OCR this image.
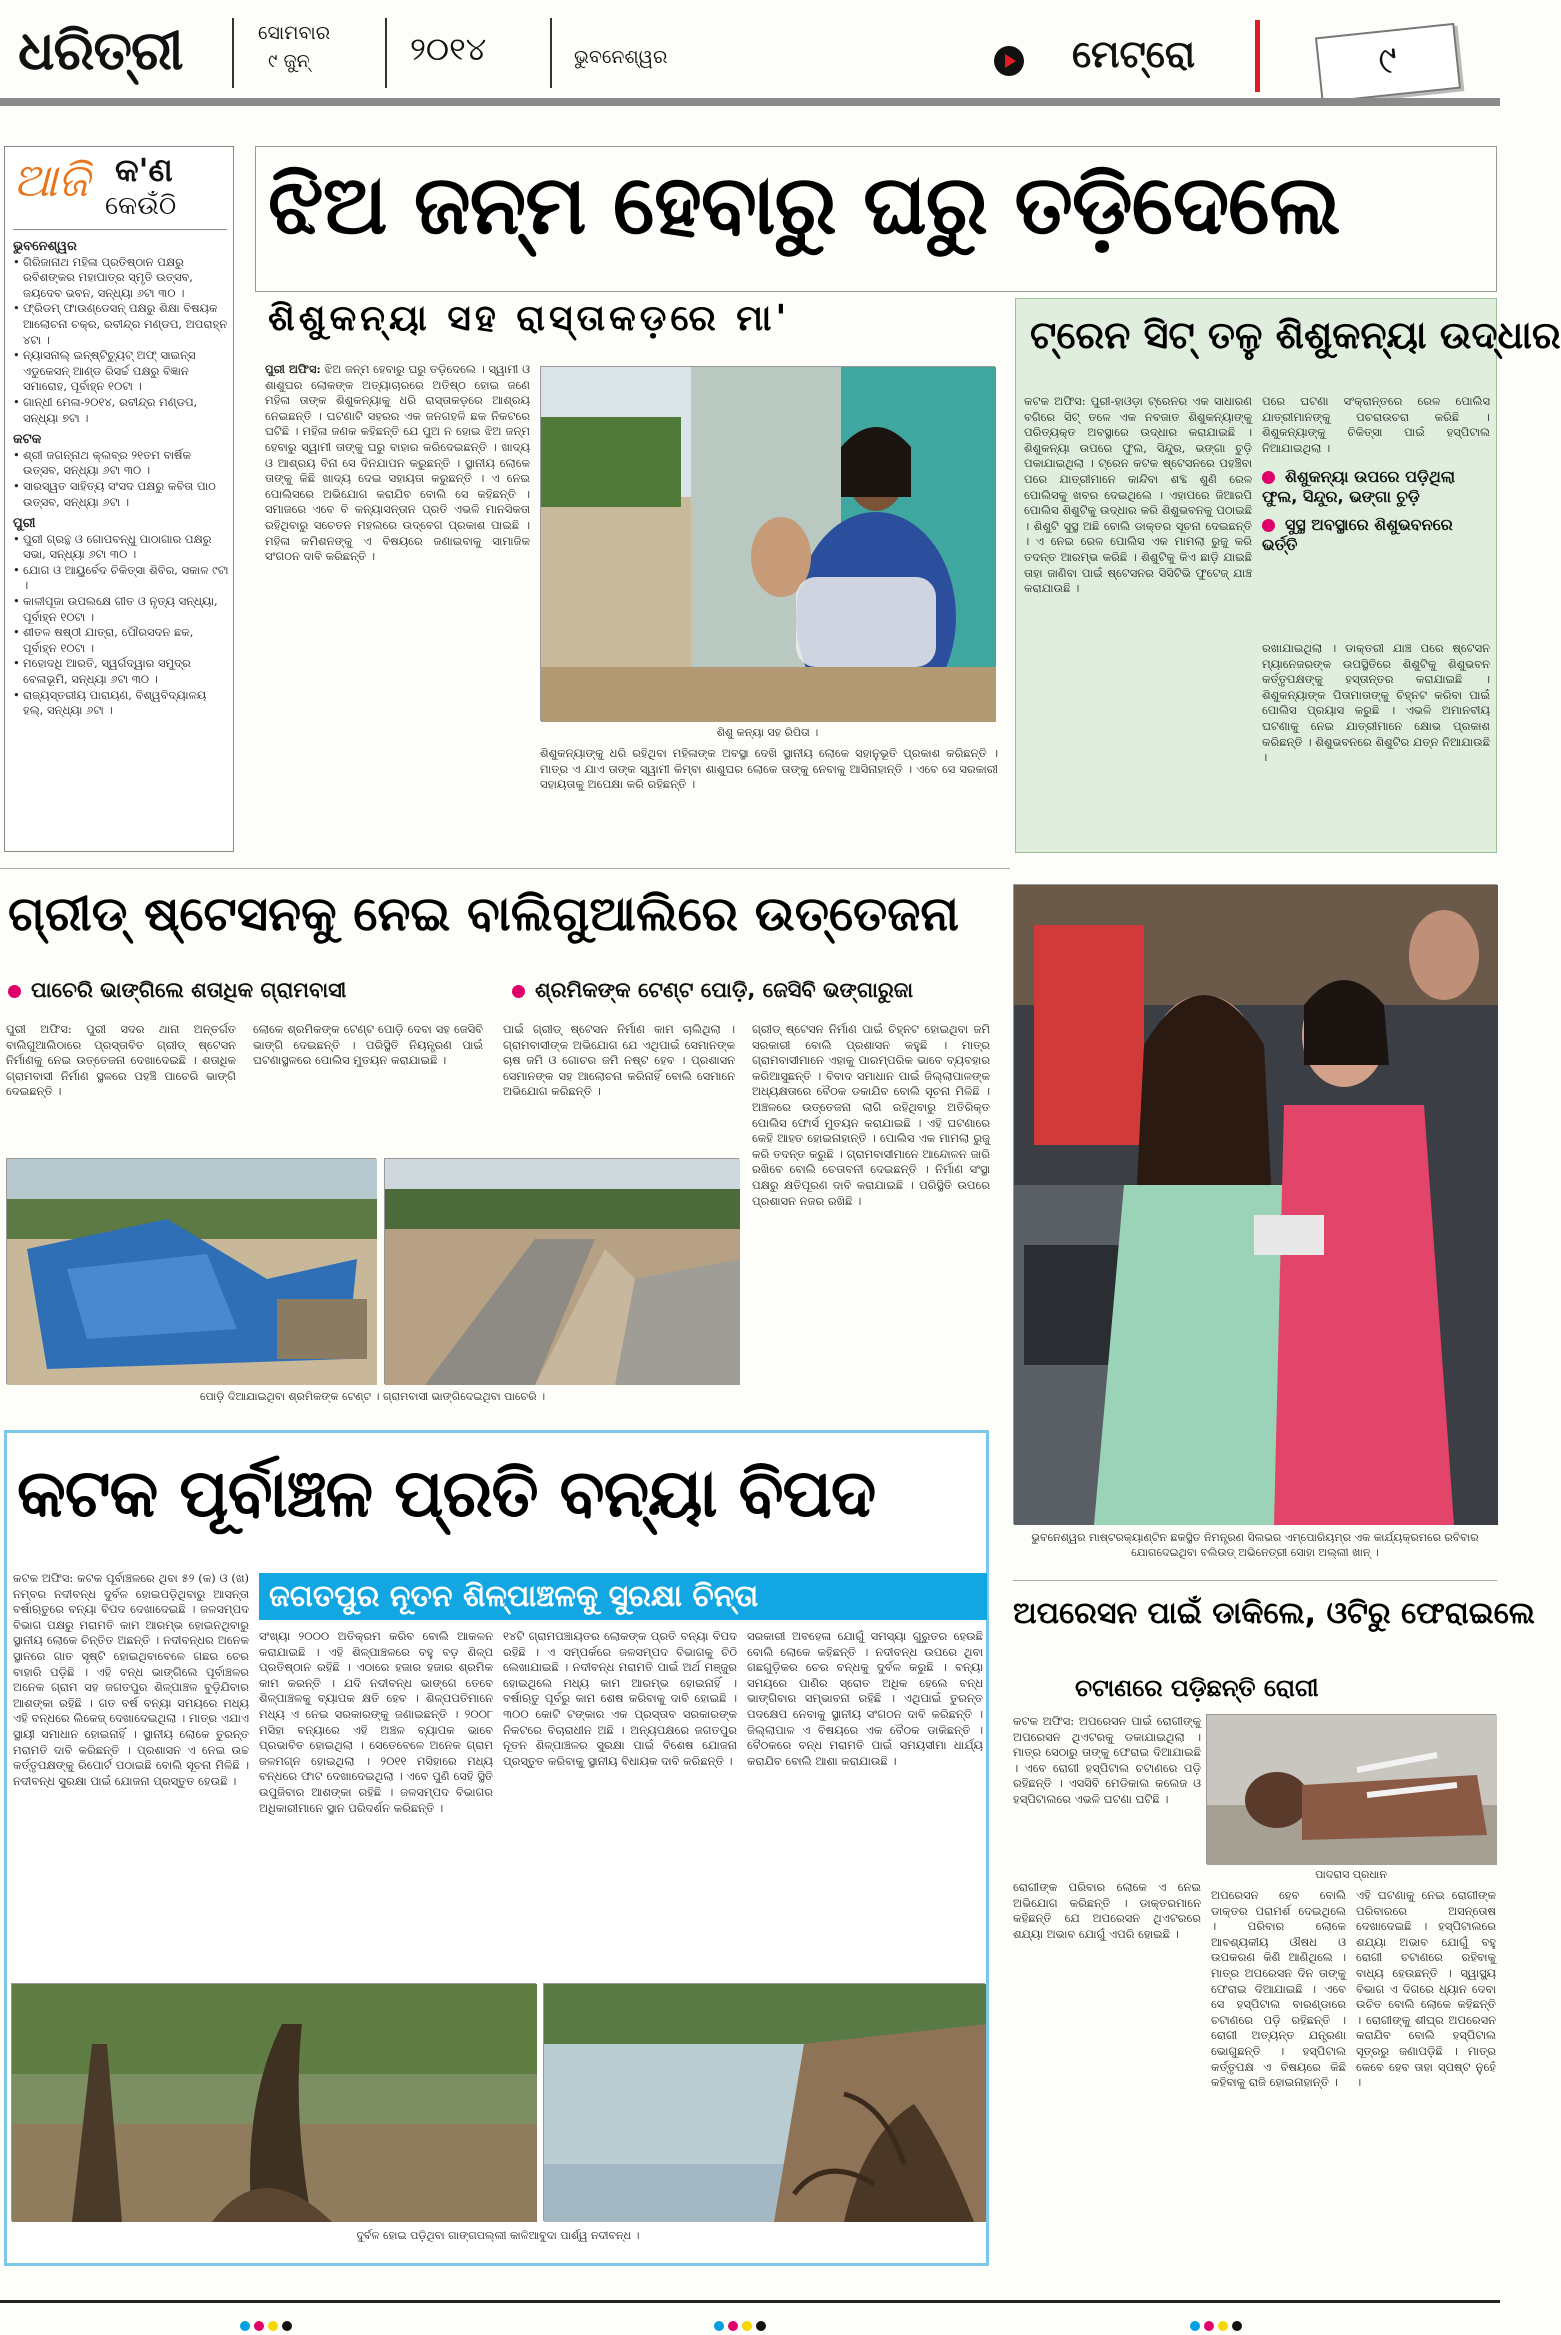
ଧରିତ୍ରୀ	ସୋମବାର
୯ ଜୁନ୍	୨୦୧୪	ଭୁବନେଶ୍ୱର	ମେଟ୍ରୋ	୯
ଆଜି କ'ଣ
କେଉଁଠି
ଭୁବନେଶ୍ୱର
• ଗିରିଜାନାଥ ମହିଳା ପ୍ରତିଷ୍ଠାନ ପକ୍ଷରୁ ରବିଶଙ୍କର ମହାପାତ୍ର ସ୍ମୃତି ଉତ୍ସବ, ଜୟଦେବ ଭବନ, ସନ୍ଧ୍ୟା ୬ଟା ୩୦ ।
• ଫ୍ରିଡମ୍ ଫାଉଣ୍ଡେସନ୍ ପକ୍ଷରୁ ଶିକ୍ଷା ବିଷୟକ ଆଲୋଚନା ଚକ୍ର, ରବୀନ୍ଦ୍ର ମଣ୍ଡପ, ଅପରାହ୍ନ ୪ଟା ।
• ନ୍ୟାସନାଲ୍ ଇନ୍‌ଷ୍ଟିଚ୍ୟୁଟ୍ ଅଫ୍ ସାଇନ୍ସ ଏଡୁକେସନ୍ ଆଣ୍ଡ ରିସର୍ଚ୍ଚ ପକ୍ଷରୁ ବିଜ୍ଞାନ ସମାରୋହ, ପୂର୍ବାହ୍ନ ୧୦ଟା ।
• ଗାନ୍ଧୀ ମେଳା-୨୦୧୪, ରବୀନ୍ଦ୍ର ମଣ୍ଡପ, ସନ୍ଧ୍ୟା ୭ଟା ।
କଟକ
• ଶ୍ରୀ ଜଗନ୍ନାଥ କ୍ଲବ୍‌ର ୨୧ତମ ବାର୍ଷିକ ଉତ୍ସବ, ସନ୍ଧ୍ୟା ୬ଟା ୩୦ ।
• ସାରସ୍ୱତ ସାହିତ୍ୟ ସଂସଦ ପକ୍ଷରୁ କବିତା ପାଠ ଉତ୍ସବ, ସନ୍ଧ୍ୟା ୬ଟା ।
ପୁରୀ
• ପୁରୀ ଗ୍ରନ୍ଥ ଓ ଗୋପବନ୍ଧୁ ପାଠାଗାର ପକ୍ଷରୁ ସଭା, ସନ୍ଧ୍ୟା ୬ଟା ୩୦ ।
• ଯୋଗ ଓ ଆୟୁର୍ବେଦ ଚିକିତ୍ସା ଶିବିର, ସକାଳ ୯ଟା ।
• କାଳୀପୂଜା ଉପଲକ୍ଷେ ଗୀତ ଓ ନୃତ୍ୟ ସନ୍ଧ୍ୟା, ପୂର୍ବାହ୍ନ ୧୦ଟା ।
• ଶୀତଳ ଷଷ୍ଠୀ ଯାତ୍ରା, ପୌରସଦନ ଛକ, ପୂର୍ବାହ୍ନ ୧୦ଟା ।
• ମହୋଦଧି ଆରତି, ସ୍ୱର୍ଗଦ୍ୱାର ସମୁଦ୍ର ବେଳାଭୂମି, ସନ୍ଧ୍ୟା ୬ଟା ୩୦ ।
• ରାଜ୍ୟସ୍ତରୀୟ ପାରାୟଣ, ବିଶ୍ୱବିଦ୍ୟାଳୟ ହଲ୍, ସନ୍ଧ୍ୟା ୬ଟା ।
ଝିଅ ଜନ୍ମ ହେବାରୁ ଘରୁ ତଡ଼ିଦେଲେ
ଶିଶୁକନ୍ୟା ସହ ରାସ୍ତାକଡ଼ରେ ମା'
ପୁରୀ ଅଫିସ: ଝିଅ ଜନ୍ମ ହେବାରୁ ଘରୁ ତଡ଼ିଦେଲେ । ସ୍ୱାମୀ ଓ ଶାଶୁଘର ଲୋକଙ୍କ ଅତ୍ୟାଚାରରେ ଅତିଷ୍ଠ ହୋଇ ଜଣେ ମହିଳା ତାଙ୍କ ଶିଶୁକନ୍ୟାକୁ ଧରି ରାସ୍ତାକଡ଼ରେ ଆଶ୍ରୟ ନେଇଛନ୍ତି । ଘଟଣାଟି ସହରର ଏକ ଜନଗହଳି ଛକ ନିକଟରେ ଘଟିଛି । ମହିଳା ଜଣକ କହିଛନ୍ତି ଯେ ପୁଅ ନ ହୋଇ ଝିଅ ଜନ୍ମ ହେବାରୁ ସ୍ୱାମୀ ତାଙ୍କୁ ଘରୁ ବାହାର କରିଦେଇଛନ୍ତି । ଖାଦ୍ୟ ଓ ଆଶ୍ରୟ ବିନା ସେ ଦିନଯାପନ କରୁଛନ୍ତି । ସ୍ଥାନୀୟ ଲୋକେ ତାଙ୍କୁ କିଛି ଖାଦ୍ୟ ଦେଇ ସହାୟତା କରୁଛନ୍ତି । ଏ ନେଇ ପୋଲିସରେ ଅଭିଯୋଗ କରାଯିବ ବୋଲି ସେ କହିଛନ୍ତି । ସମାଜରେ ଏବେ ବି କନ୍ୟାସନ୍ତାନ ପ୍ରତି ଏଭଳି ମାନସିକତା ରହିଥିବାରୁ ସଚେତନ ମହଲରେ ଉଦ୍‌ବେଗ ପ୍ରକାଶ ପାଇଛି । ମହିଳା କମିଶନଙ୍କୁ ଏ ବିଷୟରେ ଜଣାଇବାକୁ ସାମାଜିକ ସଂଗଠନ ଦାବି କରିଛନ୍ତି ।
ଶିଶୁ କନ୍ୟା ସହ ରିପିତା ।
ଶିଶୁକନ୍ୟାଙ୍କୁ ଧରି ରହିଥିବା ମହିଳାଙ୍କ ଅବସ୍ଥା ଦେଖି ସ୍ଥାନୀୟ ଲୋକେ ସହାନୁଭୂତି ପ୍ରକାଶ କରିଛନ୍ତି । ମାତ୍ର ଏ ଯାଏ ତାଙ୍କ ସ୍ୱାମୀ କିମ୍ବା ଶାଶୁଘର ଲୋକେ ତାଙ୍କୁ ନେବାକୁ ଆସିନାହାନ୍ତି । ଏବେ ସେ ସରକାରୀ ସହାୟତାକୁ ଅପେକ୍ଷା କରି ରହିଛନ୍ତି ।
ଟ୍ରେନ ସିଟ୍ ତଳୁ ଶିଶୁକନ୍ୟା ଉଦ୍ଧାର
କଟକ ଅଫିସ: ପୁରୀ-ହାଓଡ଼ା ଟ୍ରେନର ଏକ ସାଧାରଣ ବଗିରେ ସିଟ୍ ତଳେ ଏକ ନବଜାତ ଶିଶୁକନ୍ୟାଙ୍କୁ ପରିତ୍ୟକ୍ତ ଅବସ୍ଥାରେ ଉଦ୍ଧାର କରାଯାଇଛି । ଶିଶୁକନ୍ୟା ଉପରେ ଫୁଲ, ସିନ୍ଦୁର, ଭଙ୍ଗା ଚୁଡ଼ି ପକାଯାଇଥିଲା । ଟ୍ରେନ କଟକ ଷ୍ଟେସନରେ ପହଞ୍ଚିବା ପରେ ଯାତ୍ରୀମାନେ କାନ୍ଦିବା ଶବ୍ଦ ଶୁଣି ରେଳ ପୋଲିସକୁ ଖବର ଦେଇଥିଲେ । ଏହାପରେ ଜିଆରପି ପୋଲିସ ଶିଶୁଟିକୁ ଉଦ୍ଧାର କରି ଶିଶୁଭବନକୁ ପଠାଇଛି । ଶିଶୁଟି ସୁସ୍ଥ ଅଛି ବୋଲି ଡାକ୍ତର ସୂଚନା ଦେଇଛନ୍ତି । ଏ ନେଇ ରେଳ ପୋଲିସ ଏକ ମାମଲା ରୁଜୁ କରି ତଦନ୍ତ ଆରମ୍ଭ କରିଛି । ଶିଶୁଟିକୁ କିଏ ଛାଡ଼ି ଯାଇଛି ତାହା ଜାଣିବା ପାଇଁ ଷ୍ଟେସନର ସିସିଟିଭି ଫୁଟେଜ୍ ଯାଞ୍ଚ କରାଯାଉଛି ।
ପରେ ଘଟଣା ସଂକ୍ରାନ୍ତରେ ରେଳ ପୋଲିସ ଯାତ୍ରୀମାନଙ୍କୁ ପଚରାଉଚରା କରିଛି । ଶିଶୁକନ୍ୟାଙ୍କୁ ଚିକିତ୍ସା ପାଇଁ ହସ୍ପିଟାଲ ନିଆଯାଇଥିଲା ।
ଶିଶୁକନ୍ୟା ଉପରେ ପଡ଼ିଥିଲା ଫୁଲ, ସିନ୍ଦୁର, ଭଙ୍ଗା ଚୁଡ଼ି
ସୁସ୍ଥ ଅବସ୍ଥାରେ ଶିଶୁଭବନରେ ଭର୍ତ୍ତି
ରଖାଯାଇଥିଲା । ଡାକ୍ତରୀ ଯାଞ୍ଚ ପରେ ଷ୍ଟେସନ ମ୍ୟାନେଜରଙ୍କ ଉପସ୍ଥିତିରେ ଶିଶୁଟିକୁ ଶିଶୁଭବନ କର୍ତ୍ତୃପକ୍ଷଙ୍କୁ ହସ୍ତାନ୍ତର କରାଯାଇଛି । ଶିଶୁକନ୍ୟାଙ୍କ ପିତାମାତାଙ୍କୁ ଚିହ୍ନଟ କରିବା ପାଇଁ ପୋଲିସ ପ୍ରୟାସ କରୁଛି । ଏଭଳି ଅମାନବୀୟ ଘଟଣାକୁ ନେଇ ଯାତ୍ରୀମାନେ କ୍ଷୋଭ ପ୍ରକାଶ କରିଛନ୍ତି । ଶିଶୁଭବନରେ ଶିଶୁଟିର ଯତ୍ନ ନିଆଯାଉଛି ।
ଗ୍ରୀଡ୍ ଷ୍ଟେସନକୁ ନେଇ ବାଲିଗୁଆଲିରେ ଉତ୍ତେଜନା
ପାଚେରି ଭାଙ୍ଗିଲେ ଶତାଧିକ ଗ୍ରାମବାସୀ	ଶ୍ରମିକଙ୍କ ଟେଣ୍ଟ ପୋଡ଼ି, ଜେସିବି ଭଙ୍ଗାରୁଜା
ପୁରୀ ଅଫିସ: ପୁରୀ ସଦର ଥାନା ଅନ୍ତର୍ଗତ ବାଲିଗୁଆଲିଠାରେ ପ୍ରସ୍ତାବିତ ଗ୍ରୀଡ୍ ଷ୍ଟେସନ ନିର୍ମାଣକୁ ନେଇ ଉତ୍ତେଜନା ଦେଖାଦେଇଛି । ଶତାଧିକ ଗ୍ରାମବାସୀ ନିର୍ମାଣ ସ୍ଥଳରେ ପହଞ୍ଚି ପାଚେରି ଭାଙ୍ଗି ଦେଇଛନ୍ତି ।
ଲୋକେ ଶ୍ରମିକଙ୍କ ଟେଣ୍ଟ ପୋଡ଼ି ଦେବା ସହ ଜେସିବି ଭାଙ୍ଗି ଦେଇଛନ୍ତି । ପରିସ୍ଥିତି ନିୟନ୍ତ୍ରଣ ପାଇଁ ଘଟଣାସ୍ଥଳରେ ପୋଲିସ ମୁତୟନ କରାଯାଇଛି ।
ପାଇଁ ଗ୍ରୀଡ୍ ଷ୍ଟେସନ ନିର୍ମାଣ କାମ ଚାଲିଥିଲା । ଗ୍ରାମବାସୀଙ୍କ ଅଭିଯୋଗ ଯେ ଏଥିପାଇଁ ସେମାନଙ୍କ ଚାଷ ଜମି ଓ ଗୋଚର ଜମି ନଷ୍ଟ ହେବ । ପ୍ରଶାସନ ସେମାନଙ୍କ ସହ ଆଲୋଚନା କରିନାହିଁ ବୋଲି ସେମାନେ ଅଭିଯୋଗ କରିଛନ୍ତି ।
ଗ୍ରୀଡ୍ ଷ୍ଟେସନ ନିର୍ମାଣ ପାଇଁ ଚିହ୍ନଟ ହୋଇଥିବା ଜମି ସରକାରୀ ବୋଲି ପ୍ରଶାସନ କହୁଛି । ମାତ୍ର ଗ୍ରାମବାସୀମାନେ ଏହାକୁ ପାରମ୍ପରିକ ଭାବେ ବ୍ୟବହାର କରିଆସୁଛନ୍ତି । ବିବାଦ ସମାଧାନ ପାଇଁ ଜିଲ୍ଲାପାଳଙ୍କ ଅଧ୍ୟକ୍ଷତାରେ ବୈଠକ ଡକାଯିବ ବୋଲି ସୂଚନା ମିଳିଛି । ଅଞ୍ଚଳରେ ଉତ୍ତେଜନା ଲାଗି ରହିଥିବାରୁ ଅତିରିକ୍ତ ପୋଲିସ ଫୋର୍ସ ମୁତୟନ କରାଯାଇଛି । ଏହି ଘଟଣାରେ କେହି ଆହତ ହୋଇନାହାନ୍ତି । ପୋଲିସ ଏକ ମାମଲା ରୁଜୁ କରି ତଦନ୍ତ କରୁଛି । ଗ୍ରାମବାସୀମାନେ ଆନ୍ଦୋଳନ ଜାରି ରଖିବେ ବୋଲି ଚେତାବନୀ ଦେଇଛନ୍ତି । ନିର୍ମାଣ ସଂସ୍ଥା ପକ୍ଷରୁ କ୍ଷତିପୂରଣ ଦାବି କରାଯାଇଛି । ପରିସ୍ଥିତି ଉପରେ ପ୍ରଶାସନ ନଜର ରଖିଛି ।
ପୋଡ଼ି ଦିଆଯାଇଥିବା ଶ୍ରମିକଙ୍କ ଟେଣ୍ଟ । ଗ୍ରାମବାସୀ ଭାଙ୍ଗିଦେଇଥିବା ପାଚେରି ।
ଭୁବନେଶ୍ୱର ମାଷ୍ଟରକ୍ୟାଣ୍ଟିନ ଛକସ୍ଥିତ ନିମନ୍ତ୍ରଣ ସିଲଭର ଏମ୍ପୋରିୟମ୍‌ର ଏକ କାର୍ଯ୍ୟକ୍ରମରେ ରବିବାର ଯୋଗଦେଇଥିବା ବଲିଉଡ୍ ଅଭିନେତ୍ରୀ ସୋହା ଅଲ୍ଲୀ ଖାନ୍ ।
କଟକ ପୂର୍ବାଞ୍ଚଳ ପ୍ରତି ବନ୍ୟା ବିପଦ
ଜଗତପୁର ନୂତନ ଶିଳ୍ପାଞ୍ଚଳକୁ ସୁରକ୍ଷା ଚିନ୍ତା
କଟକ ଅଫିସ: କଟକ ପୂର୍ବାଞ୍ଚଳରେ ଥିବା ୫୨ (କ) ଓ (ଖ) ନମ୍ବର ନଦୀବନ୍ଧ ଦୁର୍ବଳ ହୋଇପଡ଼ିଥିବାରୁ ଆସନ୍ତା ବର୍ଷାଋତୁରେ ବନ୍ୟା ବିପଦ ଦେଖାଦେଇଛି । ଜଳସମ୍ପଦ ବିଭାଗ ପକ୍ଷରୁ ମରାମତି କାମ ଆରମ୍ଭ ହୋଇନଥିବାରୁ ସ୍ଥାନୀୟ ଲୋକେ ଚିନ୍ତିତ ଅଛନ୍ତି । ନଦୀବନ୍ଧର ଅନେକ ସ୍ଥାନରେ ଗାତ ସୃଷ୍ଟି ହୋଇଥିବାବେଳେ ଗଛର ଚେର ବାହାରି ପଡ଼ିଛି । ଏହି ବନ୍ଧ ଭାଙ୍ଗିଲେ ପୂର୍ବାଞ୍ଚଳର ଅନେକ ଗ୍ରାମ ସହ ଜଗତପୁର ଶିଳ୍ପାଞ୍ଚଳ ବୁଡ଼ିଯିବାର ଆଶଙ୍କା ରହିଛି । ଗତ ବର୍ଷ ବନ୍ୟା ସମୟରେ ମଧ୍ୟ ଏହି ବନ୍ଧରେ ଲିକେଜ୍ ଦେଖାଦେଇଥିଲା । ମାତ୍ର ଏଯାଏ ସ୍ଥାୟୀ ସମାଧାନ ହୋଇନାହିଁ । ସ୍ଥାନୀୟ ଲୋକେ ତୁରନ୍ତ ମରାମତି ଦାବି କରିଛନ୍ତି । ପ୍ରଶାସନ ଏ ନେଇ ଉଚ୍ଚ କର୍ତ୍ତୃପକ୍ଷଙ୍କୁ ରିପୋର୍ଟ ପଠାଇଛି ବୋଲି ସୂଚନା ମିଳିଛି । ନଦୀବନ୍ଧ ସୁରକ୍ଷା ପାଇଁ ଯୋଜନା ପ୍ରସ୍ତୁତ ହେଉଛି ।
ସଂଖ୍ୟା ୨୦୦୦ ଅତିକ୍ରମ କରିବ ବୋଲି ଆକଳନ କରାଯାଇଛି । ଏହି ଶିଳ୍ପାଞ୍ଚଳରେ ବହୁ ବଡ଼ ଶିଳ୍ପ ପ୍ରତିଷ୍ଠାନ ରହିଛି । ଏଠାରେ ହଜାର ହଜାର ଶ୍ରମିକ କାମ କରନ୍ତି । ଯଦି ନଦୀବନ୍ଧ ଭାଙ୍ଗେ ତେବେ ଶିଳ୍ପାଞ୍ଚଳକୁ ବ୍ୟାପକ କ୍ଷତି ହେବ । ଶିଳ୍ପପତିମାନେ ମଧ୍ୟ ଏ ନେଇ ସରକାରଙ୍କୁ ଜଣାଇଛନ୍ତି । ୨୦୦୮ ମସିହା ବନ୍ୟାରେ ଏହି ଅଞ୍ଚଳ ବ୍ୟାପକ ଭାବେ ପ୍ରଭାବିତ ହୋଇଥିଲା । ସେତେବେଳେ ଅନେକ ଗ୍ରାମ ଜଳମଗ୍ନ ହୋଇଥିଲା । ୨୦୧୧ ମସିହାରେ ମଧ୍ୟ ବନ୍ଧରେ ଫାଟ ଦେଖାଦେଇଥିଲା । ଏବେ ପୁଣି ସେହି ସ୍ଥିତି ଉପୁଜିବାର ଆଶଙ୍କା ରହିଛି । ଜଳସମ୍ପଦ ବିଭାଗର ଅଧିକାରୀମାନେ ସ୍ଥାନ ପରିଦର୍ଶନ କରିଛନ୍ତି ।
୧୪ଟି ଗ୍ରାମପଞ୍ଚାୟତର ଲୋକଙ୍କ ପ୍ରତି ବନ୍ୟା ବିପଦ ରହିଛି । ଏ ସମ୍ପର୍କରେ ଜଳସମ୍ପଦ ବିଭାଗକୁ ଚିଠି ଲେଖାଯାଇଛି । ନଦୀବନ୍ଧ ମରାମତି ପାଇଁ ଅର୍ଥ ମଞ୍ଜୁର ହୋଇଥିଲେ ମଧ୍ୟ କାମ ଆରମ୍ଭ ହୋଇନାହିଁ । ବର୍ଷାଋତୁ ପୂର୍ବରୁ କାମ ଶେଷ କରିବାକୁ ଦାବି ହୋଇଛି । ୩୦୦ କୋଟି ଟଙ୍କାର ଏକ ପ୍ରସ୍ତାବ ସରକାରଙ୍କ ନିକଟରେ ବିଚାରାଧୀନ ଅଛି । ଅନ୍ୟପକ୍ଷରେ ଜଗତପୁର ନୂତନ ଶିଳ୍ପାଞ୍ଚଳର ସୁରକ୍ଷା ପାଇଁ ବିଶେଷ ଯୋଜନା ପ୍ରସ୍ତୁତ କରିବାକୁ ସ୍ଥାନୀୟ ବିଧାୟକ ଦାବି କରିଛନ୍ତି ।
ସରକାରୀ ଅବହେଳା ଯୋଗୁଁ ସମସ୍ୟା ଗୁରୁତର ହେଉଛି ବୋଲି ଲୋକେ କହିଛନ୍ତି । ନଦୀବନ୍ଧ ଉପରେ ଥିବା ଗଛଗୁଡ଼ିକର ଚେର ବନ୍ଧକୁ ଦୁର୍ବଳ କରୁଛି । ବନ୍ୟା ସମୟରେ ପାଣିର ସ୍ରୋତ ଅଧିକ ହେଲେ ବନ୍ଧ ଭାଙ୍ଗିବାର ସମ୍ଭାବନା ରହିଛି । ଏଥିପାଇଁ ତୁରନ୍ତ ପଦକ୍ଷେପ ନେବାକୁ ସ୍ଥାନୀୟ ସଂଗଠନ ଦାବି କରିଛନ୍ତି । ଜିଲ୍ଲାପାଳ ଏ ବିଷୟରେ ଏକ ବୈଠକ ଡାକିଛନ୍ତି । ବୈଠକରେ ବନ୍ଧ ମରାମତି ପାଇଁ ସମୟସୀମା ଧାର୍ଯ୍ୟ କରାଯିବ ବୋଲି ଆଶା କରାଯାଉଛି ।
ଦୁର୍ବଳ ହୋଇ ପଡ଼ିଥିବା ଗାଙ୍ଗପଲ୍ଲୀ କାଳିଆବୁଦା ପାର୍ଶ୍ୱ ନଦୀବନ୍ଧ ।
ଅପରେସନ ପାଇଁ ଡାକିଲେ, ଓଟିରୁ ଫେରାଇଲେ
ଚଟାଣରେ ପଡ଼ିଛନ୍ତି ରୋଗୀ
କଟକ ଅଫିସ: ଅପରେସନ ପାଇଁ ରୋଗୀଙ୍କୁ ଅପରେସନ ଥିଏଟରକୁ ଡକାଯାଇଥିଲା । ମାତ୍ର ସେଠାରୁ ତାଙ୍କୁ ଫେରାଇ ଦିଆଯାଇଛି । ଏବେ ରୋଗୀ ହସ୍ପିଟାଲ ଚଟାଣରେ ପଡ଼ି ରହିଛନ୍ତି । ଏସସିବି ମେଡିକାଲ କଲେଜ ଓ ହସ୍ପିଟାଲରେ ଏଭଳି ଘଟଣା ଘଟିଛି ।
ପାଦରାସ ପ୍ରଧାନ
ରୋଗୀଙ୍କ ପରିବାର ଲୋକେ ଏ ନେଇ ଅଭିଯୋଗ କରିଛନ୍ତି । ଡାକ୍ତରମାନେ କହିଛନ୍ତି ଯେ ଅପରେସନ ଥିଏଟରରେ ଶଯ୍ୟା ଅଭାବ ଯୋଗୁଁ ଏପରି ହୋଇଛି ।
ଅପରେସନ ହେବ ବୋଲି ଡାକ୍ତର ପରାମର୍ଶ ଦେଇଥିଲେ । ପରିବାର ଲୋକେ ଆବଶ୍ୟକୀୟ ଔଷଧ ଓ ଉପକରଣ କିଣି ଆଣିଥିଲେ । ମାତ୍ର ଅପରେସନ ଦିନ ତାଙ୍କୁ ଫେରାଇ ଦିଆଯାଇଛି । ଏବେ ସେ ହସ୍ପିଟାଲ ବାରଣ୍ଡାରେ ଚଟାଣରେ ପଡ଼ି ରହିଛନ୍ତି । ରୋଗୀ ଅତ୍ୟନ୍ତ ଯନ୍ତ୍ରଣା ଭୋଗୁଛନ୍ତି । ହସ୍ପିଟାଲ କର୍ତ୍ତୃପକ୍ଷ ଏ ବିଷୟରେ କିଛି କହିବାକୁ ରାଜି ହୋଇନାହାନ୍ତି ।
ଏହି ଘଟଣାକୁ ନେଇ ରୋଗୀଙ୍କ ପରିବାରରେ ଅସନ୍ତୋଷ ଦେଖାଦେଇଛି । ହସ୍ପିଟାଲରେ ଶଯ୍ୟା ଅଭାବ ଯୋଗୁଁ ବହୁ ରୋଗୀ ଚଟାଣରେ ରହିବାକୁ ବାଧ୍ୟ ହେଉଛନ୍ତି । ସ୍ୱାସ୍ଥ୍ୟ ବିଭାଗ ଏ ଦିଗରେ ଧ୍ୟାନ ଦେବା ଉଚିତ ବୋଲି ଲୋକେ କହିଛନ୍ତି । ରୋଗୀଙ୍କୁ ଶୀଘ୍ର ଅପରେସନ କରାଯିବ ବୋଲି ହସ୍ପିଟାଲ ସୂତ୍ରରୁ ଜଣାପଡ଼ିଛି । ମାତ୍ର କେବେ ହେବ ତାହା ସ୍ପଷ୍ଟ ନୁହେଁ ।
